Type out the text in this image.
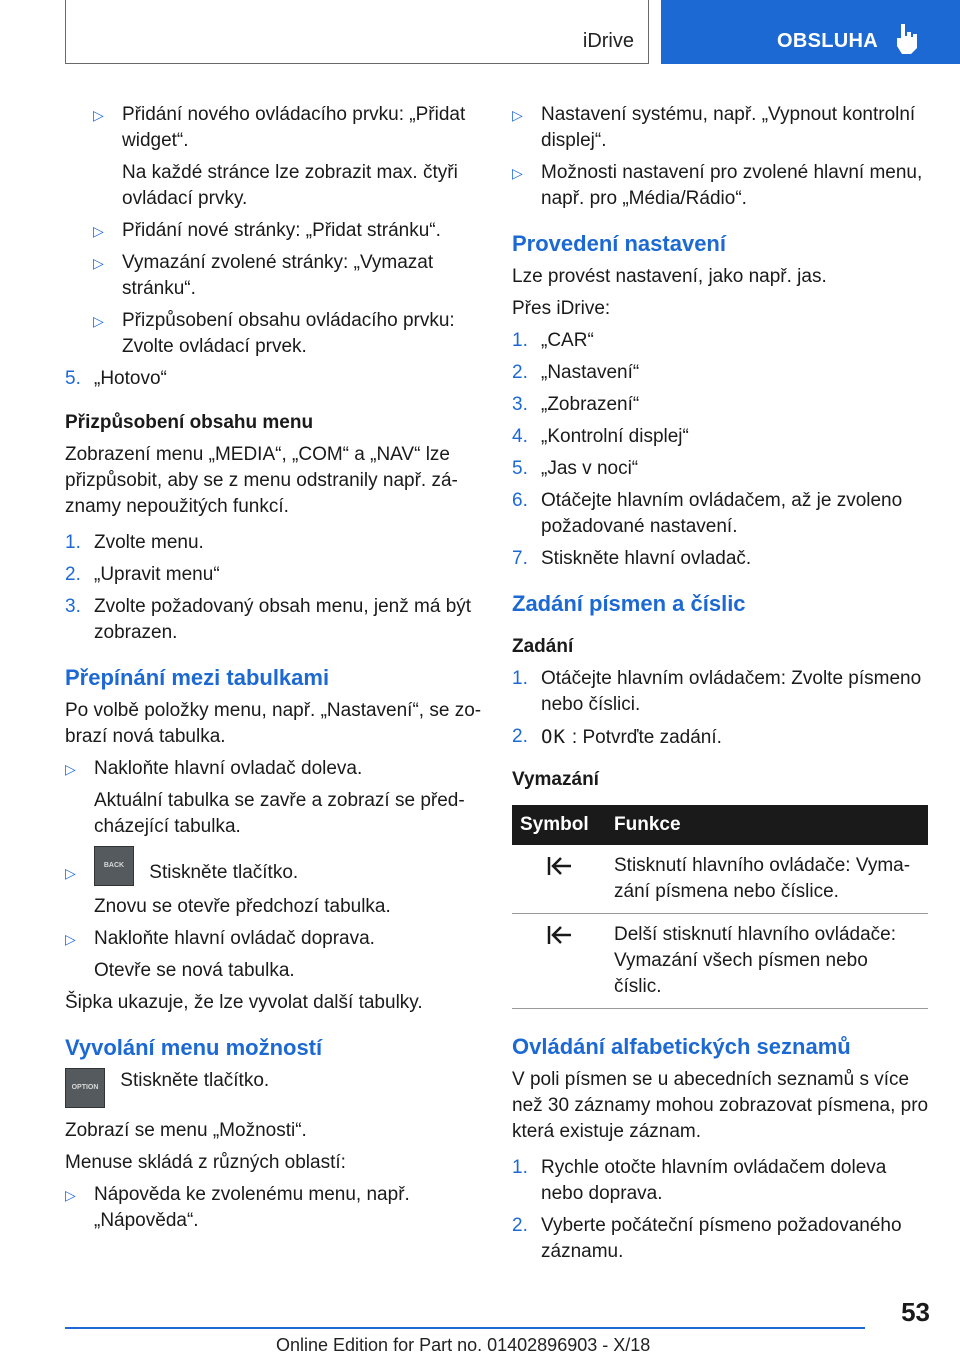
iDrive	OBSLUHA
▷ Přidání nového ovládacího prvku: „Přidat widget“.

Na každé stránce lze zobrazit max. čtyři ovládací prvky.
▷ Přidání nové stránky: „Přidat stránku“.

▷ Vymazání zvolené stránky: „Vymazat stránku“.

▷ Přizpůsobení obsahu ovládacího prvku: Zvolte ovládací prvek.

5. „Hotovo“

Přizpůsobení obsahu menu
Zobrazení menu „MEDIA“, „COM“ a „NAV“ lze přizpůsobit, aby se z menu odstranily např. záznamy nepoužitých funkcí.
1. Zvolte menu.

2. „Upravit menu“

3. Zvolte požadovaný obsah menu, jenž má být zobrazen.

Přepínání mezi tabulkami
Po volbě položky menu, např. „Nastavení“, se zobrazí nová tabulka.
▷ Nakloňte hlavní ovladač doleva.

Aktuální tabulka se zavře a zobrazí se předcházející tabulka.
▷	BACK Stiskněte tlačítko.
Znovu se otevře předchozí tabulka.
▷ Nakloňte hlavní ovládač doprava.

Otevře se nová tabulka.
Šipka ukazuje, že lze vyvolat další tabulky.
Vyvolání menu možností
OPTION Stiskněte tlačítko.
Zobrazí se menu „Možnosti“.
Menuse skládá z různých oblastí:
▷ Nápověda ke zvolenému menu, např. „Nápověda“.

▷ Nastavení systému, např. „Vypnout kontrolní displej“.

▷ Možnosti nastavení pro zvolené hlavní menu, např. pro „Média/Rádio“.

Provedení nastavení
Lze provést nastavení, jako např. jas.
Přes iDrive:
1. „CAR“

2. „Nastavení“

3. „Zobrazení“

4. „Kontrolní displej“

5. „Jas v noci“

6. Otáčejte hlavním ovládačem, až je zvoleno požadované nastavení.

7. Stiskněte hlavní ovladač.

Zadání písmen a číslic
Zadání
1. Otáčejte hlavním ovládačem: Zvolte písmeno nebo číslici.

2. OK : Potvrďte zadání.
Vymazání
Symbol	Funkce
	Stisknutí hlavního ovládače: Vymazání písmena nebo číslice.
	Delší stisknutí hlavního ovládače: Vymazání všech písmen nebo číslic.
Ovládání alfabetických seznamů
V poli písmen se u abecedních seznamů s více než 30 záznamy mohou zobrazovat písmena, pro která existuje záznam.
1. Rychle otočte hlavním ovládačem doleva nebo doprava.

2. Vyberte počáteční písmeno požadovaného záznamu.

53
Online Edition for Part no. 01402896903 - X/18
